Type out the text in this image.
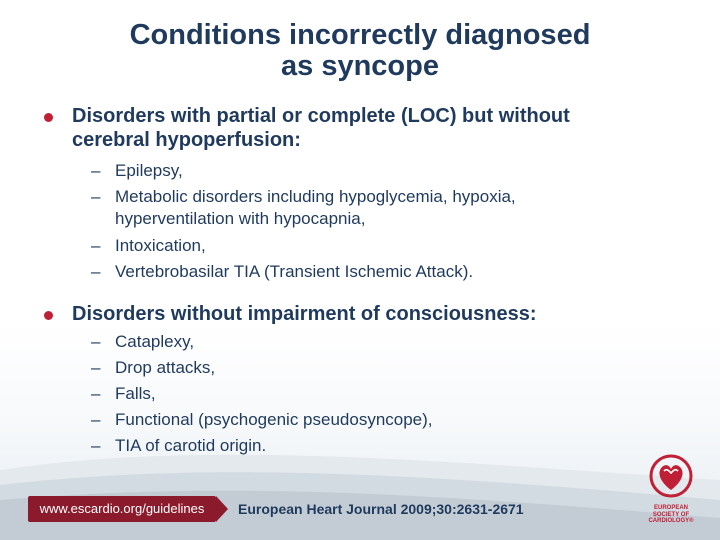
Conditions incorrectly diagnosed
as syncope
Disorders with partial or complete (LOC) but without
cerebral hypoperfusion:
– Epilepsy,
– Metabolic disorders including hypoglycemia, hypoxia,
hyperventilation with hypocapnia,
– Intoxication,
– Vertebrobasilar TIA (Transient Ischemic Attack).
Disorders without impairment of consciousness:
– Cataplexy,
– Drop attacks,
– Falls,
– Functional (psychogenic pseudosyncope),
– TIA of carotid origin.
www.escardio.org/guidelines	European Heart Journal 2009;30:2631-2671	EUROPEAN
SOCIETY OF
CARDIOLOGY®
